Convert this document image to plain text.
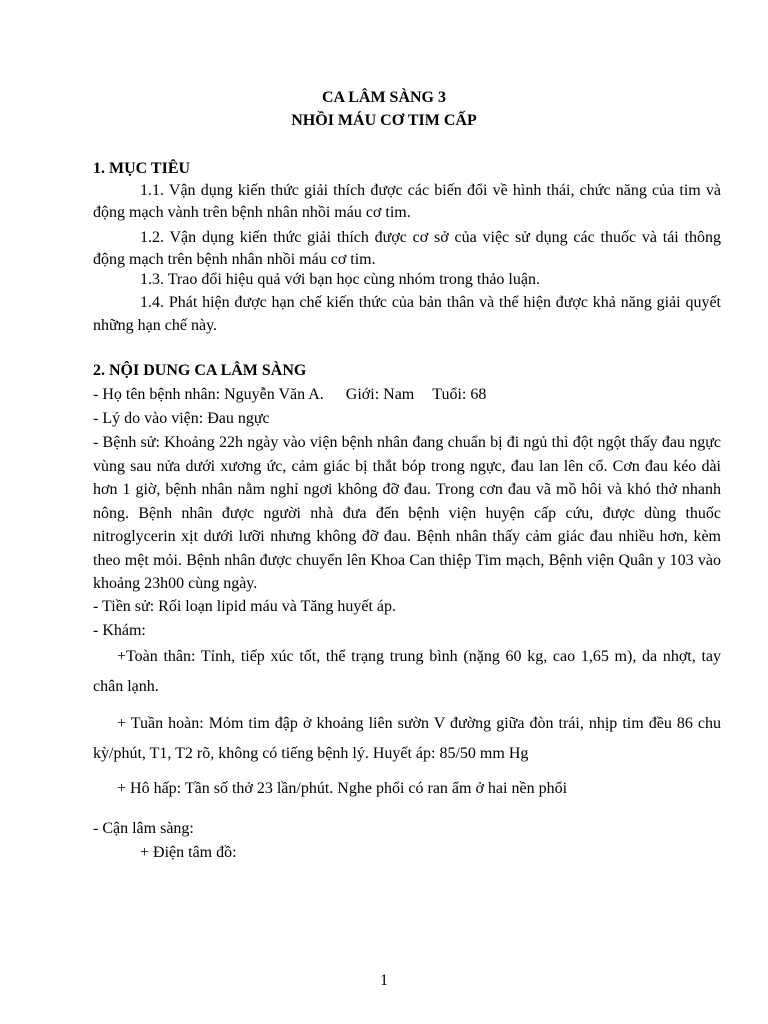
CA LÂM SÀNG 3

NHỒI MÁU CƠ TIM CẤP

1. MỤC TIÊU

1.1. Vận dụng kiến thức giải thích được các biến đổi về hình thái, chức năng của tim và động mạch vành trên bệnh nhân nhồi máu cơ tim.

1.2. Vận dụng kiến thức giải thích được cơ sở của việc sử dụng các thuốc và tái thông động mạch trên bệnh nhân nhồi máu cơ tim.

1.3. Trao đổi hiệu quả với bạn học cùng nhóm trong thảo luận.

1.4. Phát hiện được hạn chế kiến thức của bản thân và thể hiện được khả năng giải quyết những hạn chế này.

2. NỘI DUNG CA LÂM SÀNG

- Họ tên bệnh nhân: Nguyễn Văn A. Giới: Nam Tuổi: 68

- Lý do vào viện: Đau ngực

- Bệnh sử: Khoảng 22h ngày vào viện bệnh nhân đang chuẩn bị đi ngủ thì đột ngột thấy đau ngực vùng sau nửa dưới xương ức, cảm giác bị thắt bóp trong ngực, đau lan lên cổ. Cơn đau kéo dài hơn 1 giờ, bệnh nhân nằm nghỉ ngơi không đỡ đau. Trong cơn đau vã mồ hôi và khó thở nhanh nông. Bệnh nhân được người nhà đưa đến bệnh viện huyện cấp cứu, được dùng thuốc nitroglycerin xịt dưới lưỡi nhưng không đỡ đau. Bệnh nhân thấy cảm giác đau nhiều hơn, kèm theo mệt mỏi. Bệnh nhân được chuyển lên Khoa Can thiệp Tim mạch, Bệnh viện Quân y 103 vào khoảng 23h00 cùng ngày.

- Tiền sử: Rối loạn lipid máu và Tăng huyết áp.

- Khám:

+Toàn thân: Tỉnh, tiếp xúc tốt, thể trạng trung bình (nặng 60 kg, cao 1,65 m), da nhợt, tay chân lạnh.

+ Tuần hoàn: Mỏm tim đập ở khoảng liên sườn V đường giữa đòn trái, nhịp tim đều 86 chu kỳ/phút, T1, T2 rõ, không có tiếng bệnh lý. Huyết áp: 85/50 mm Hg

+ Hô hấp: Tần số thở 23 lần/phút. Nghe phổi có ran ẩm ở hai nền phổi

- Cận lâm sàng:

+ Điện tâm đồ:

1
